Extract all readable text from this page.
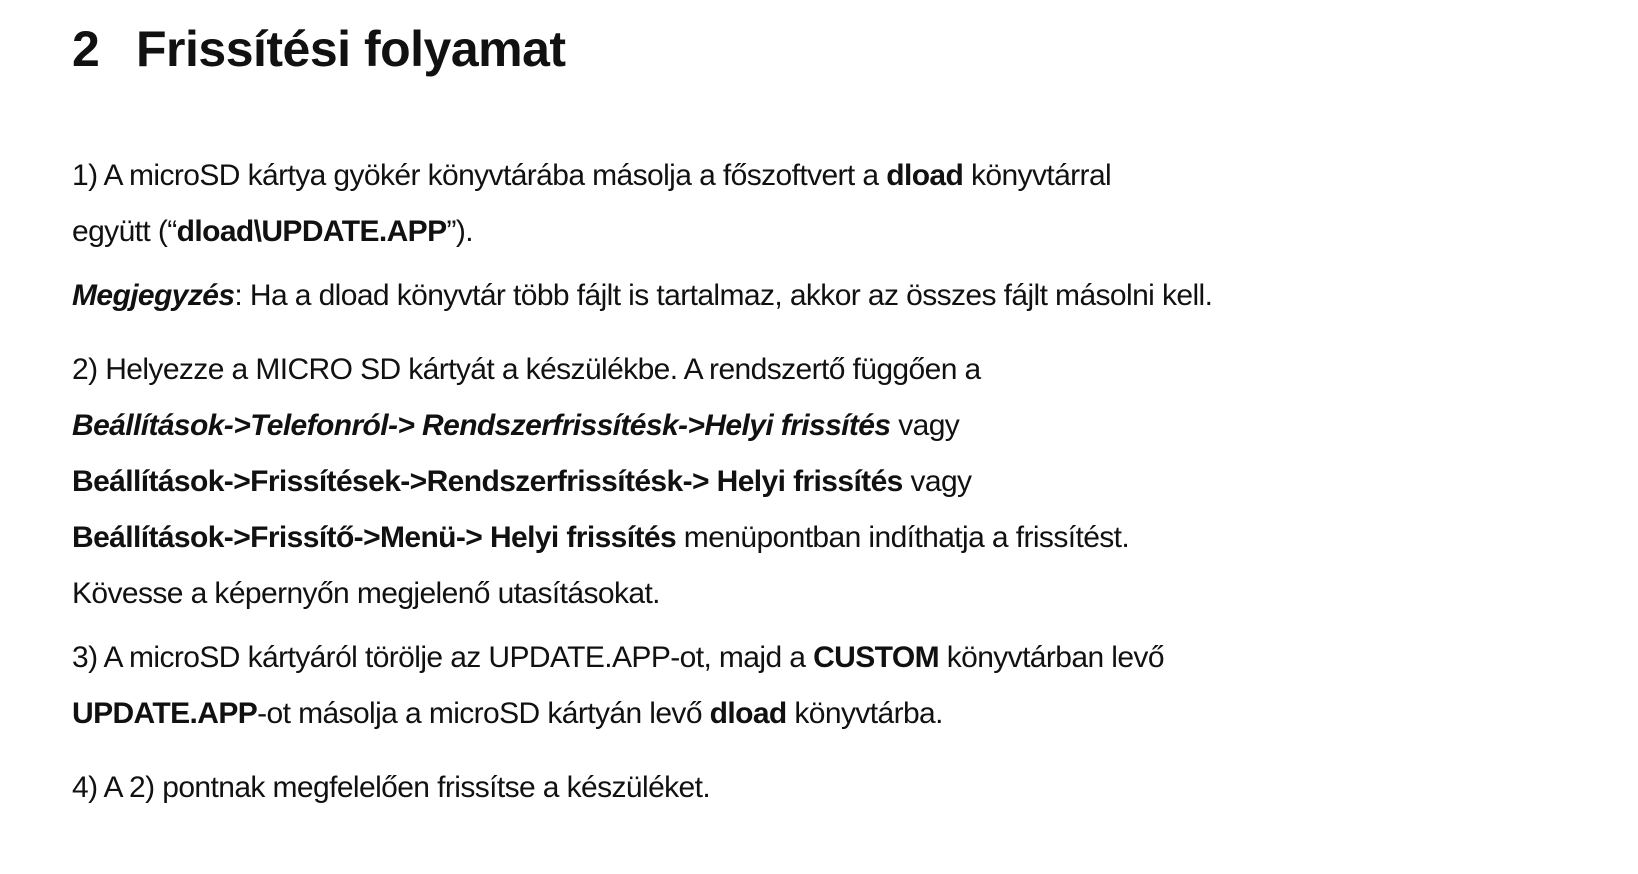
2 Frissítési folyamat
1) A microSD kártya gyökér könyvtárába másolja a főszoftvert a dload könyvtárral
együtt (“dload\UPDATE.APP”).
Megjegyzés: Ha a dload könyvtár több fájlt is tartalmaz, akkor az összes fájlt másolni kell.
2) Helyezze a MICRO SD kártyát a készülékbe. A rendszertő függően a
Beállítások->Telefonról-> Rendszerfrissítésk->Helyi frissítés vagy
Beállítások->Frissítések->Rendszerfrissítésk-> Helyi frissítés vagy
Beállítások->Frissítő->Menü-> Helyi frissítés menüpontban indíthatja a frissítést.
Kövesse a képernyőn megjelenő utasításokat.
3) A microSD kártyáról törölje az UPDATE.APP-ot, majd a CUSTOM könyvtárban levő
UPDATE.APP-ot másolja a microSD kártyán levő dload könyvtárba.
4) A 2) pontnak megfelelően frissítse a készüléket.
